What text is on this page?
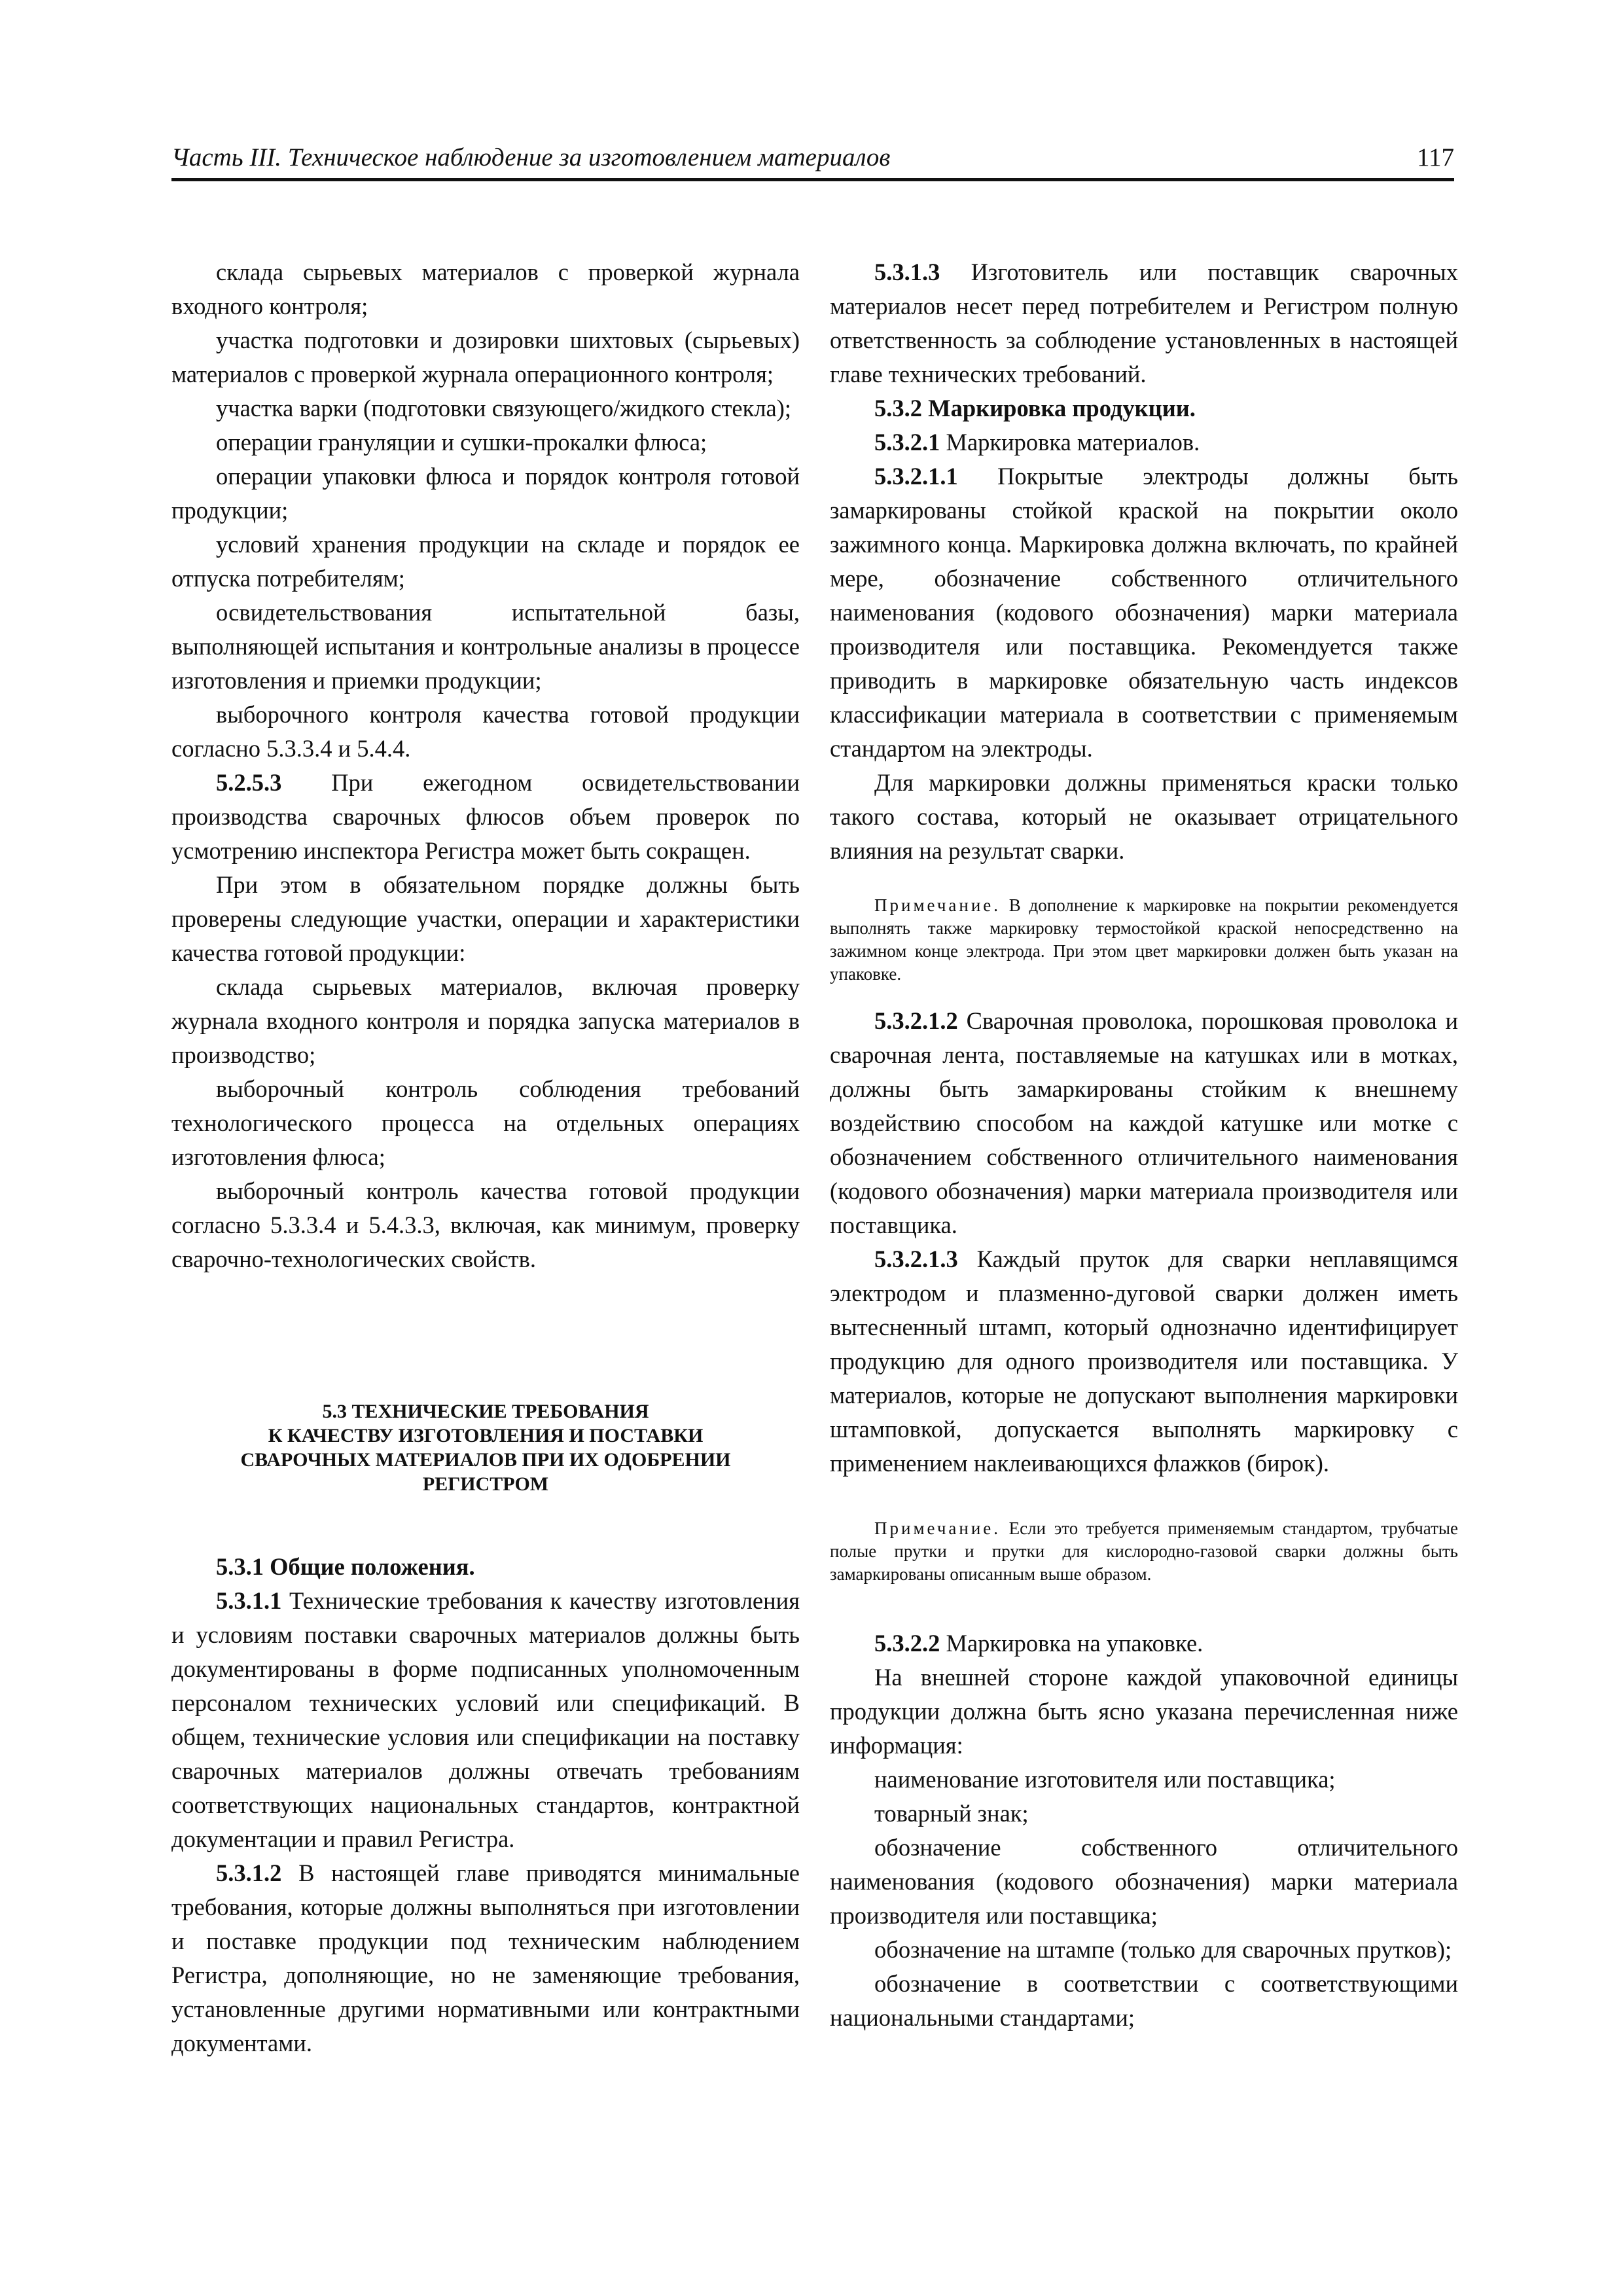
Часть III. Техническое наблюдение за изготовлением материалов	117

склада сырьевых материалов с проверкой журнала входного контроля;

участка подготовки и дозировки шихтовых (сырьевых) материалов с проверкой журнала операционного контроля;

участка варки (подготовки связующего/жидкого стекла);

операции грануляции и сушки-прокалки флюса;

операции упаковки флюса и порядок контроля готовой продукции;

условий хранения продукции на складе и порядок ее отпуска потребителям;

освидетельствования испытательной базы, выполняющей испытания и контрольные анализы в процессе изготовления и приемки продукции;

выборочного контроля качества готовой продукции согласно 5.3.3.4 и 5.4.4.

5.2.5.3 При ежегодном освидетельствовании производства сварочных флюсов объем проверок по усмотрению инспектора Регистра может быть сокращен.

При этом в обязательном порядке должны быть проверены следующие участки, операции и характеристики качества готовой продукции:

склада сырьевых материалов, включая проверку журнала входного контроля и порядка запуска материалов в производство;

выборочный контроль соблюдения требований технологического процесса на отдельных операциях изготовления флюса;

выборочный контроль качества готовой продукции согласно 5.3.3.4 и 5.4.3.3, включая, как минимум, проверку сварочно-технологических свойств.

5.3 ТЕХНИЧЕСКИЕ ТРЕБОВАНИЯ
К КАЧЕСТВУ ИЗГОТОВЛЕНИЯ И ПОСТАВКИ
СВАРОЧНЫХ МАТЕРИАЛОВ ПРИ ИХ ОДОБРЕНИИ
РЕГИСТРОМ

5.3.1 Общие положения.

5.3.1.1 Технические требования к качеству изготовления и условиям поставки сварочных материалов должны быть документированы в форме подписанных уполномоченным персоналом технических условий или спецификаций. В общем, технические условия или спецификации на поставку сварочных материалов должны отвечать требованиям соответствующих национальных стандартов, контрактной документации и правил Регистра.

5.3.1.2 В настоящей главе приводятся минимальные требования, которые должны выполняться при изготовлении и поставке продукции под техническим наблюдением Регистра, дополняющие, но не заменяющие требования, установленные другими нормативными или контрактными документами.

5.3.1.3 Изготовитель или поставщик сварочных материалов несет перед потребителем и Регистром полную ответственность за соблюдение установленных в настоящей главе технических требований.

5.3.2 Маркировка продукции.

5.3.2.1 Маркировка материалов.

5.3.2.1.1 Покрытые электроды должны быть замаркированы стойкой краской на покрытии около зажимного конца. Маркировка должна включать, по крайней мере, обозначение собственного отличительного наименования (кодового обозначения) марки материала производителя или поставщика. Рекомендуется также приводить в маркировке обязательную часть индексов классификации материала в соответствии с применяемым стандартом на электроды.

Для маркировки должны применяться краски только такого состава, который не оказывает отрицательного влияния на результат сварки.

Примечание. В дополнение к маркировке на покрытии рекомендуется выполнять также маркировку термостойкой краской непосредственно на зажимном конце электрода. При этом цвет маркировки должен быть указан на упаковке.

5.3.2.1.2 Сварочная проволока, порошковая проволока и сварочная лента, поставляемые на катушках или в мотках, должны быть замаркированы стойким к внешнему воздействию способом на каждой катушке или мотке с обозначением собственного отличительного наименования (кодового обозначения) марки материала производителя или поставщика.

5.3.2.1.3 Каждый пруток для сварки неплавящимся электродом и плазменно-дуговой сварки должен иметь вытесненный штамп, который однозначно идентифицирует продукцию для одного производителя или поставщика. У материалов, которые не допускают выполнения маркировки штамповкой, допускается выполнять маркировку с применением наклеивающихся флажков (бирок).

Примечание. Если это требуется применяемым стандартом, трубчатые полые прутки и прутки для кислородно-газовой сварки должны быть замаркированы описанным выше образом.

5.3.2.2 Маркировка на упаковке.

На внешней стороне каждой упаковочной единицы продукции должна быть ясно указана перечисленная ниже информация:

наименование изготовителя или поставщика;

товарный знак;

обозначение собственного отличительного наименования (кодового обозначения) марки материала производителя или поставщика;

обозначение на штампе (только для сварочных прутков);

обозначение в соответствии с соответствующими национальными стандартами;
